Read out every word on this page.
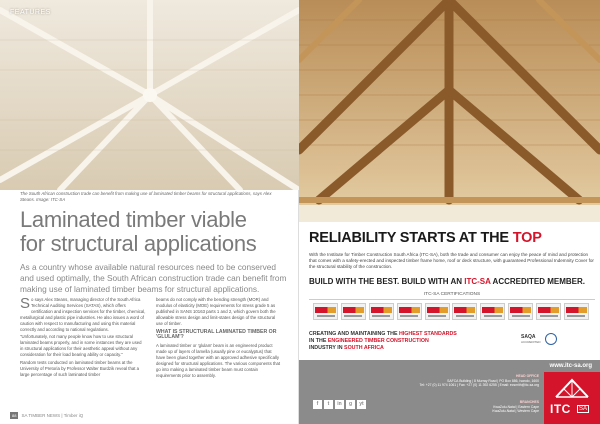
FEATURES
The South African construction trade can benefit from making use of laminated timber beams for structural applications, says Alex Steans. Image: ITC-SA
Laminated timber viable
for structural applications

As a country whose available natural resources need to be conserved and used optimally, the South African construction trade can benefit from making use of laminated timber beams for structural applications.

So says Alex Steans, managing director of the South Africa Technical Auditing Services (SATAS), which offers certification and inspection services for the timber, chemical, metallurgical and plastic pipe industries. He also issues a word of caution with respect to manufacturing and using this material correctly and according to national regulations.

"Unfortunately, not many people know how to use structural laminated beams properly, and in some instances they are used in structural applications for their aesthetic appeal without any consideration for their load bearing ability or capacity."

Random tests conducted on laminated timber beams at the University of Pretoria by Professor Walter Burdzik reveal that a large percentage of such laminated timber

beams do not comply with the bending strength (MOR) and modulus of elasticity (MOE) requirements for stress grade 5 as published in SANS 10163 parts 1 and 2, which govern both the allowable stress design and limit-states design of the structural use of timber.

WHAT IS STRUCTURAL LAMINATED TIMBER OR 'GLULAM'?

A laminated timber or 'glulam' beam is an engineered product made up of layers of lamella (usually pine or eucalyptus) that have been glued together with an approved adhesive specifically designed for structural applications. The various components that go into making a laminated timber beam must contain requirements prior to assembly.

88	SA TIMBER NEWS | Timber iQ
RELIABILITY STARTS AT THE TOP

With the Institute for Timber Construction South Africa (ITC-SA), both the trade and consumer can enjoy the peace of mind and protection that comes with a safety-erected and inspected timber frame home, roof or deck structure, with guaranteed Professional Indemnity Cover for the structural stability of the construction.

BUILD WITH THE BEST. BUILD WITH AN ITC-SA ACCREDITED MEMBER.
ITC-SA CERTIFICATIONS
CREATING AND MAINTAINING THE HIGHEST STANDARDS
IN THE ENGINEERED TIMBER CONSTRUCTION
INDUSTRY IN SOUTH AFRICA
SAQA
ACCREDITED
www.itc-sa.org
HEAD OFFICE
SAFCA Building | 8 Murray Road | PO Box 886, Isando, 1600
Tel: +27 (0) 11 974 1061 | Fax: +27 (0) 11 392 6255 | Email: ecsmith@itc-sa.org
f	t	in	g	yt	BRANCHES
KwaZulu-Natal | Eastern Cape
KwaZulu-Natal | Western Cape ITC	SA
